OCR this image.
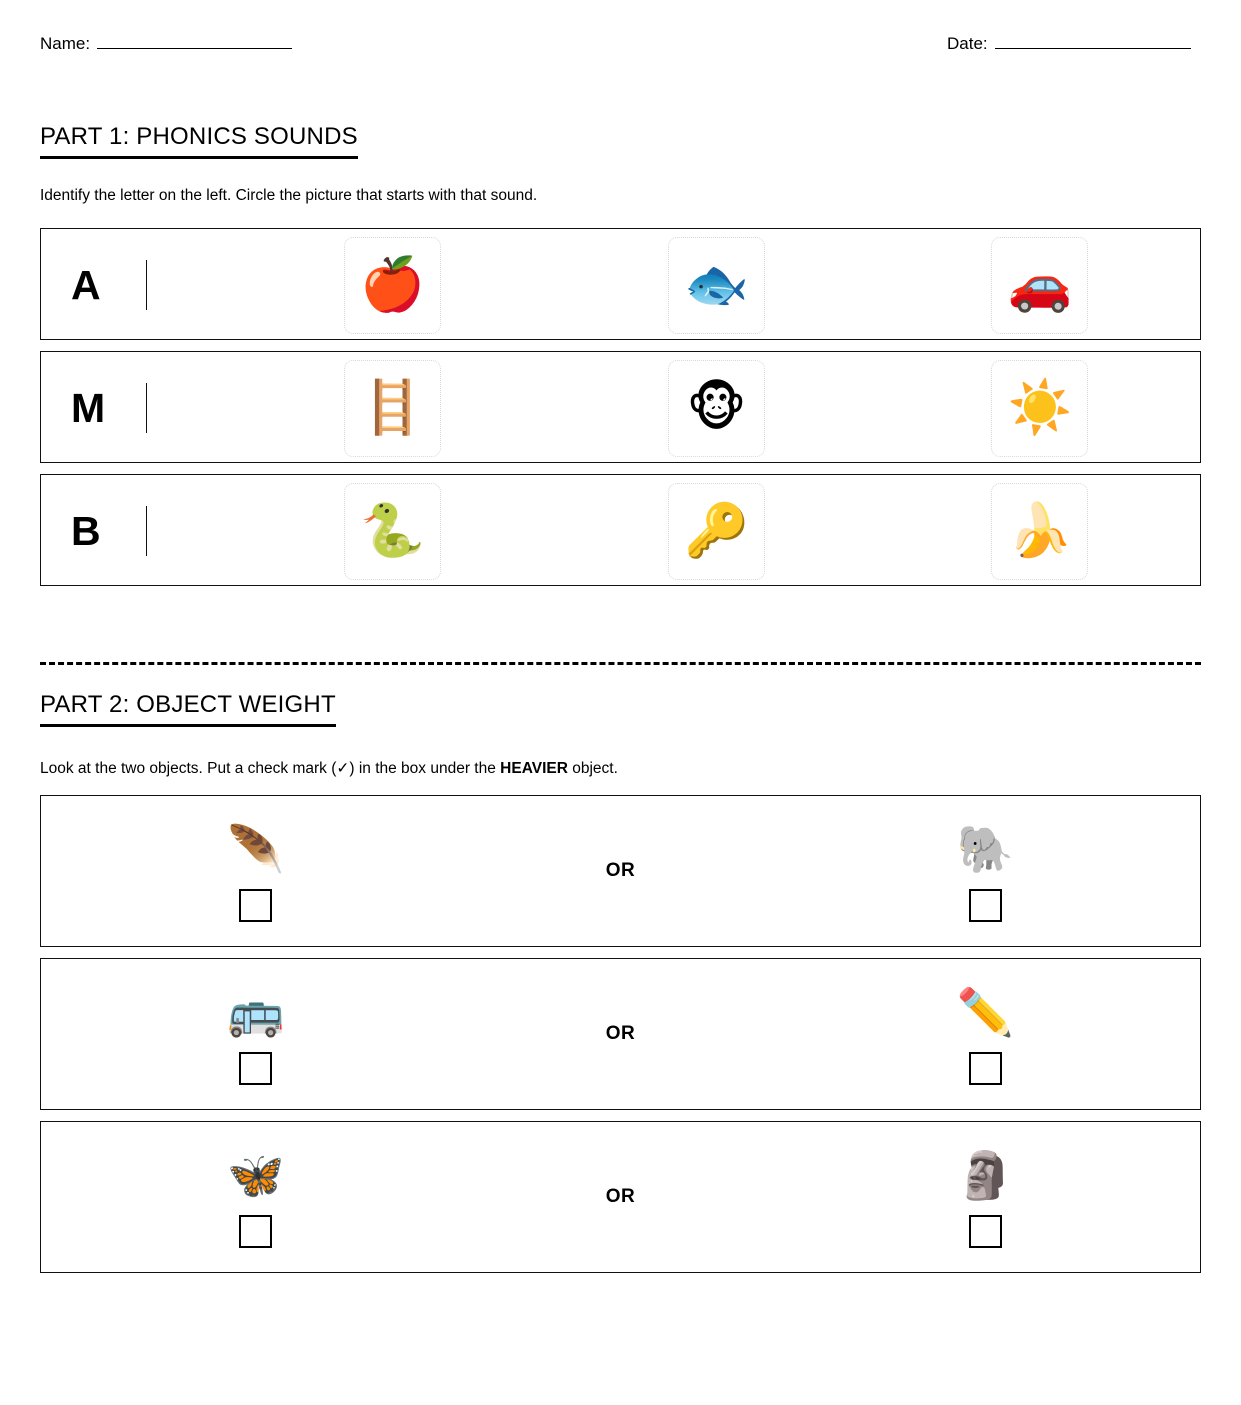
Name:	Date:
PART 1: PHONICS SOUNDS
Identify the letter on the left. Circle the picture that starts with that sound.
A	🍎	🐟	🚗
M	🪜	🐵	☀️
B	🐍	🔑	🍌
PART 2: OBJECT WEIGHT
Look at the two objects. Put a check mark (✓) in the box under the HEAVIER object.
🪶	OR	🐘
🚌	OR	✏️
🦋	OR	🗿
